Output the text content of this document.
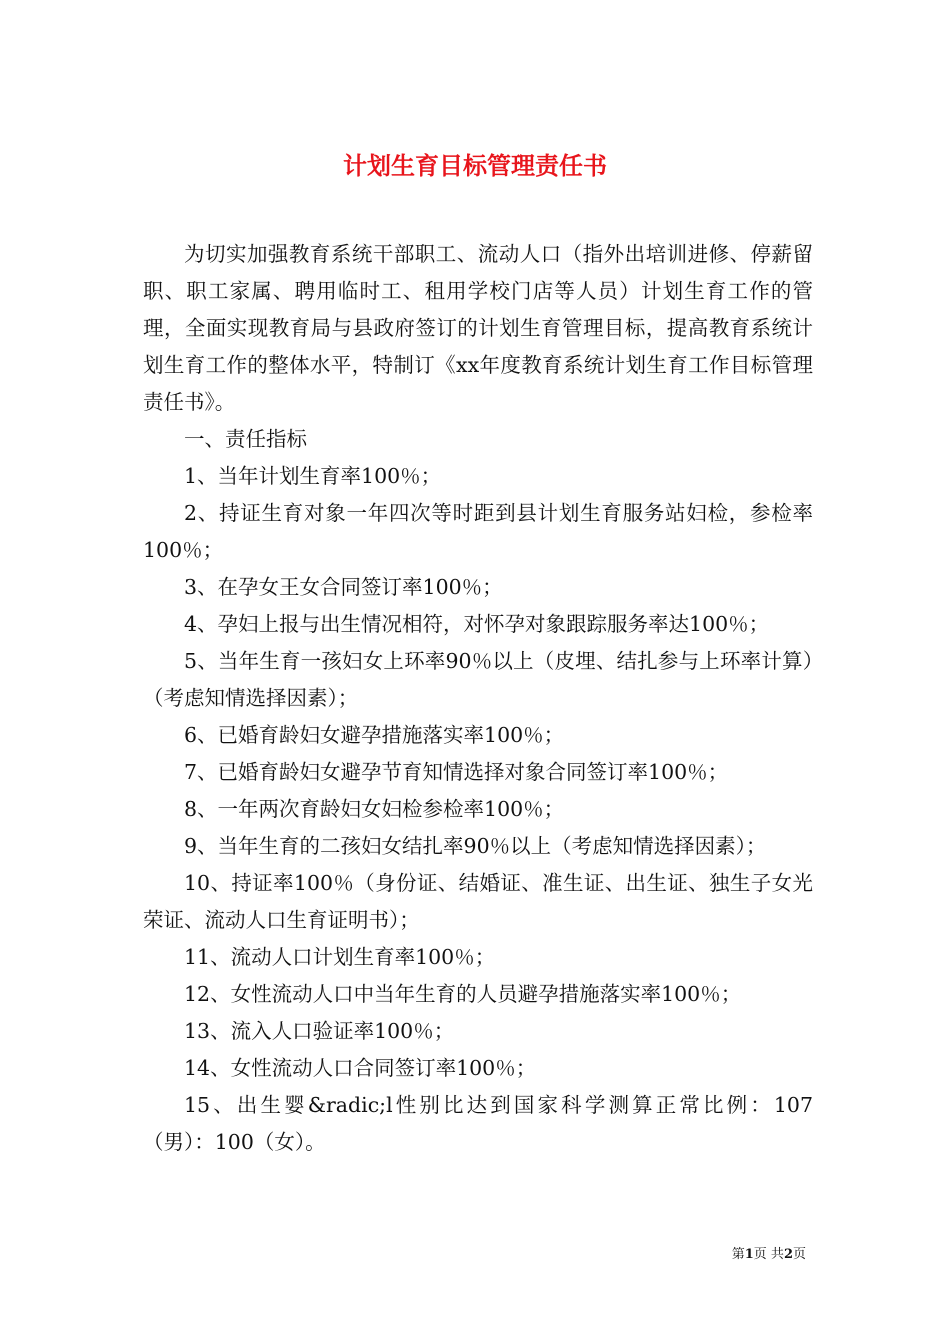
计划生育目标管理责任书

为切实加强教育系统干部职工、流动人口（指外出培训进修、停薪留职、职工家属、聘用临时工、租用学校门店等人员）计划生育工作的管理，全面实现教育局与县政府签订的计划生育管理目标，提高教育系统计划生育工作的整体水平，特制订《xx年度教育系统计划生育工作目标管理责任书》。

一、责任指标

1、当年计划生育率100％；

2、持证生育对象一年四次等时距到县计划生育服务站妇检，参检率100％；

3、在孕女王女合同签订率100％；

4、孕妇上报与出生情况相符，对怀孕对象跟踪服务率达100％；

5、当年生育一孩妇女上环率90％以上（皮埋、结扎参与上环率计算）（考虑知情选择因素）；

6、已婚育龄妇女避孕措施落实率100％；

7、已婚育龄妇女避孕节育知情选择对象合同签订率100％；

8、一年两次育龄妇女妇检参检率100％；

9、当年生育的二孩妇女结扎率90％以上（考虑知情选择因素）；

10、持证率100％（身份证、结婚证、准生证、出生证、独生子女光荣证、流动人口生育证明书）；

11、流动人口计划生育率100％；

12、女性流动人口中当年生育的人员避孕措施落实率100％；

13、流入人口验证率100％；

14、女性流动人口合同签订率100％；

15、出生婴&radic;l性别比达到国家科学测算正常比例：107（男）：100（女）。

第1页 共2页
